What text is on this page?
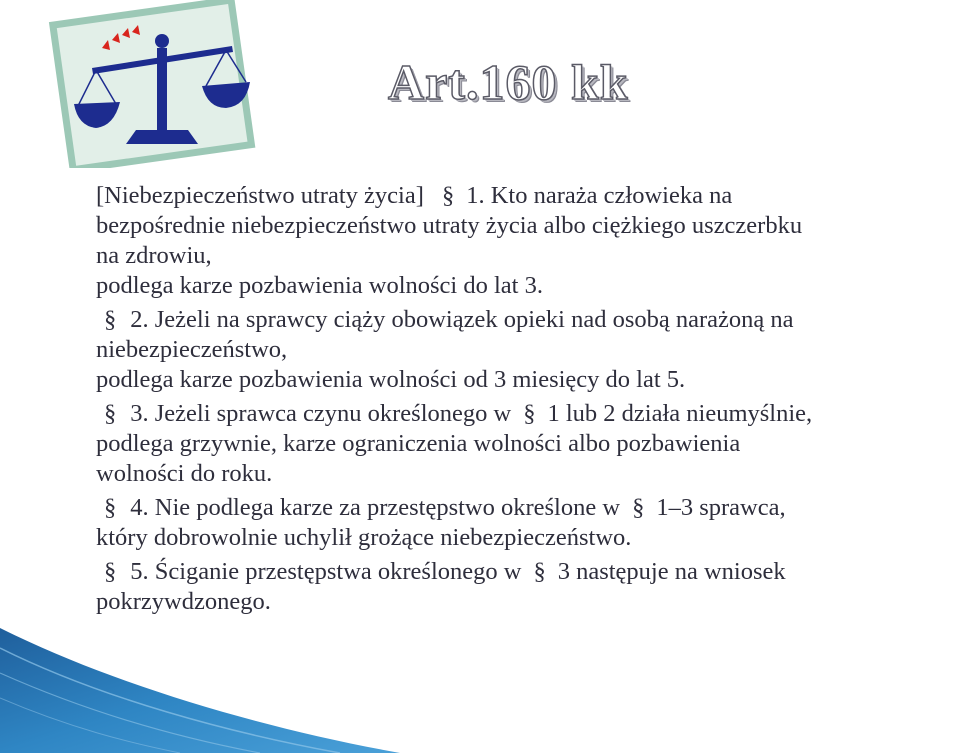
Art.160 kk
[Niebezpieczeństwo utraty życia] § 1. Kto naraża człowieka na
bezpośrednie niebezpieczeństwo utraty życia albo ciężkiego uszczerbku
na zdrowiu,
podlega karze pozbawienia wolności do lat 3.
§ 2. Jeżeli na sprawcy ciąży obowiązek opieki nad osobą narażoną na
niebezpieczeństwo,
podlega karze pozbawienia wolności od 3 miesięcy do lat 5.
§ 3. Jeżeli sprawca czynu określonego w § 1 lub 2 działa nieumyślnie,
podlega grzywnie, karze ograniczenia wolności albo pozbawienia
wolności do roku.
§ 4. Nie podlega karze za przestępstwo określone w § 1–3 sprawca,
który dobrowolnie uchylił grożące niebezpieczeństwo.
§ 5. Ściganie przestępstwa określonego w § 3 następuje na wniosek
pokrzywdzonego.
